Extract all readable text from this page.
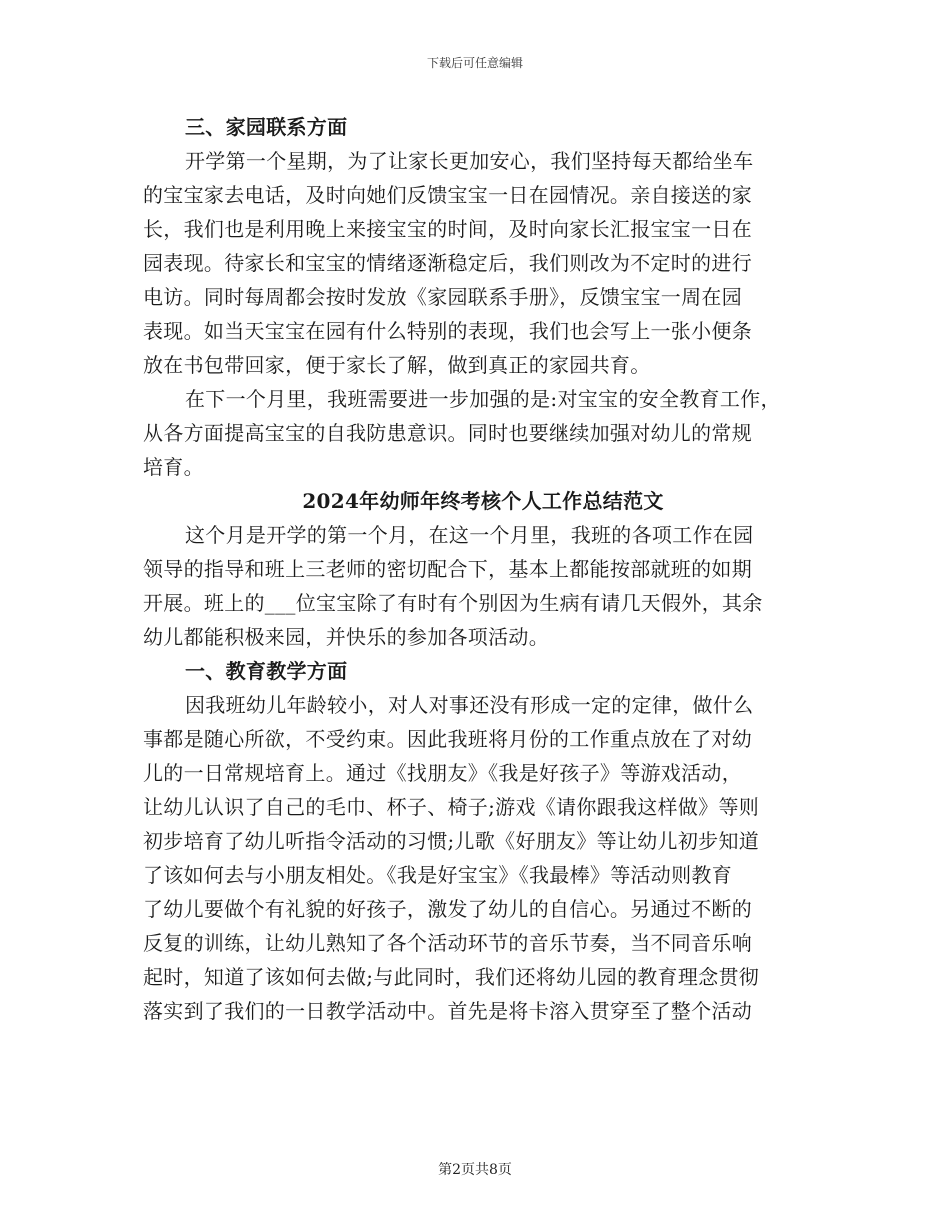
下载后可任意编辑
三、家园联系方面
开学第一个星期，为了让家长更加安心，我们坚持每天都给坐车
的宝宝家去电话，及时向她们反馈宝宝一日在园情况。亲自接送的家
长，我们也是利用晚上来接宝宝的时间，及时向家长汇报宝宝一日在
园表现。待家长和宝宝的情绪逐渐稳定后，我们则改为不定时的进行
电访。同时每周都会按时发放《家园联系手册》，反馈宝宝一周在园
表现。如当天宝宝在园有什么特别的表现，我们也会写上一张小便条
放在书包带回家，便于家长了解，做到真正的家园共育。
在下一个月里，我班需要进一步加强的是:对宝宝的安全教育工作，
从各方面提高宝宝的自我防患意识。同时也要继续加强对幼儿的常规
培育。
2024年幼师年终考核个人工作总结范文
这个月是开学的第一个月，在这一个月里，我班的各项工作在园
领导的指导和班上三老师的密切配合下，基本上都能按部就班的如期
开展。班上的___位宝宝除了有时有个别因为生病有请几天假外，其余
幼儿都能积极来园，并快乐的参加各项活动。
一、教育教学方面
因我班幼儿年龄较小，对人对事还没有形成一定的定律，做什么
事都是随心所欲，不受约束。因此我班将月份的工作重点放在了对幼
儿的一日常规培育上。通过《找朋友》《我是好孩子》等游戏活动，
让幼儿认识了自己的毛巾、杯子、椅子;游戏《请你跟我这样做》等则
初步培育了幼儿听指令活动的习惯;儿歌《好朋友》等让幼儿初步知道
了该如何去与小朋友相处。《我是好宝宝》《我最棒》等活动则教育
了幼儿要做个有礼貌的好孩子，激发了幼儿的自信心。另通过不断的
反复的训练，让幼儿熟知了各个活动环节的音乐节奏，当不同音乐响
起时，知道了该如何去做;与此同时，我们还将幼儿园的教育理念贯彻
落实到了我们的一日教学活动中。首先是将卡溶入贯穿至了整个活动
第2页共8页
